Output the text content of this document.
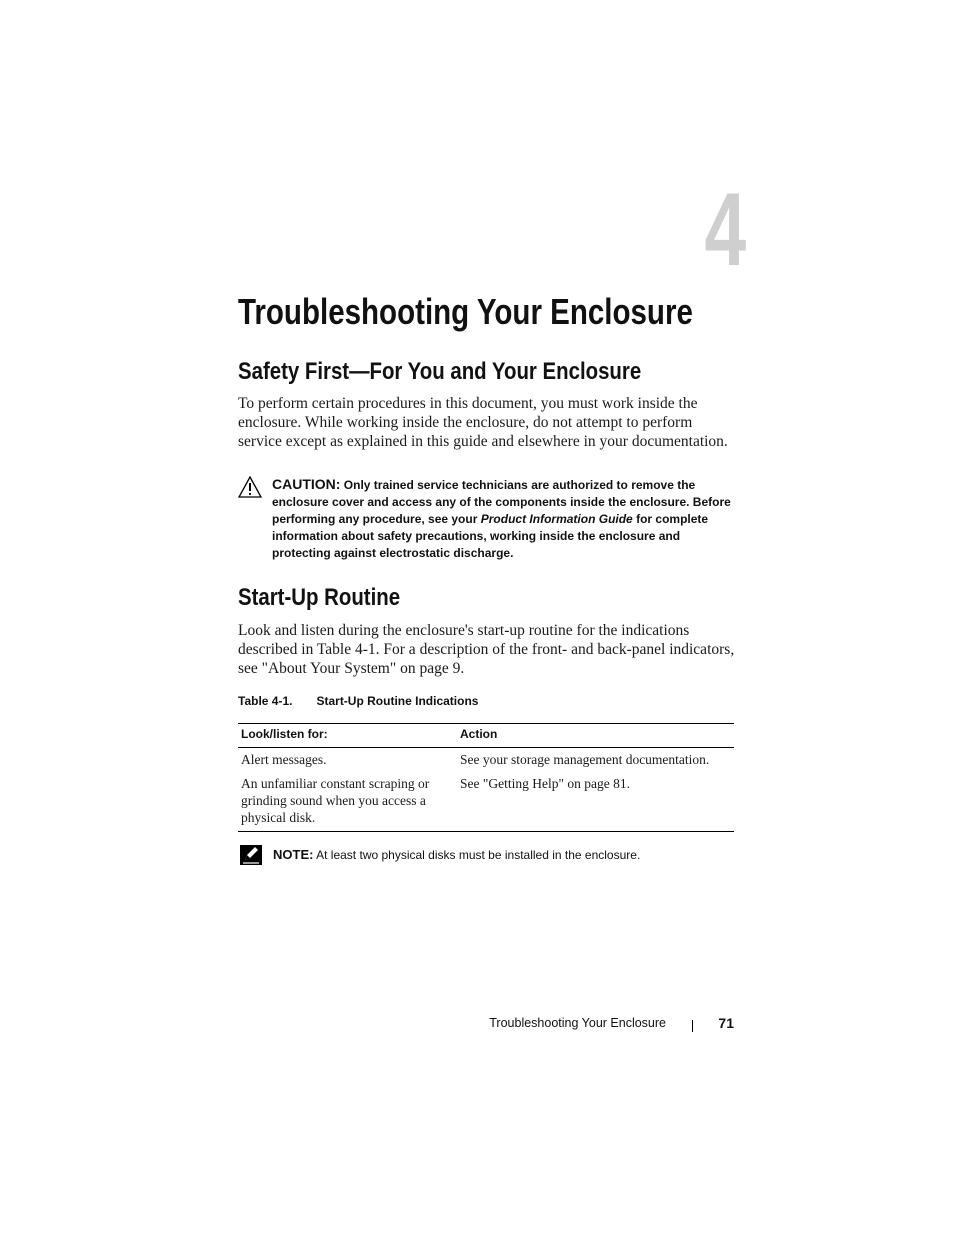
4
Troubleshooting Your Enclosure
Safety First—For You and Your Enclosure
To perform certain procedures in this document, you must work inside the enclosure. While working inside the enclosure, do not attempt to perform service except as explained in this guide and elsewhere in your documentation.
CAUTION: Only trained service technicians are authorized to remove the enclosure cover and access any of the components inside the enclosure. Before performing any procedure, see your Product Information Guide for complete information about safety precautions, working inside the enclosure and protecting against electrostatic discharge.
Start-Up Routine
Look and listen during the enclosure's start-up routine for the indications described in Table 4-1. For a description of the front- and back-panel indicators, see "About Your System" on page 9.
Table 4-1. Start-Up Routine Indications
Look/listen for:	Action
Alert messages.	See your storage management documentation.
An unfamiliar constant scraping or grinding sound when you access a physical disk.	See "Getting Help" on page 81.
NOTE: At least two physical disks must be installed in the enclosure.
Troubleshooting Your Enclosure	71
